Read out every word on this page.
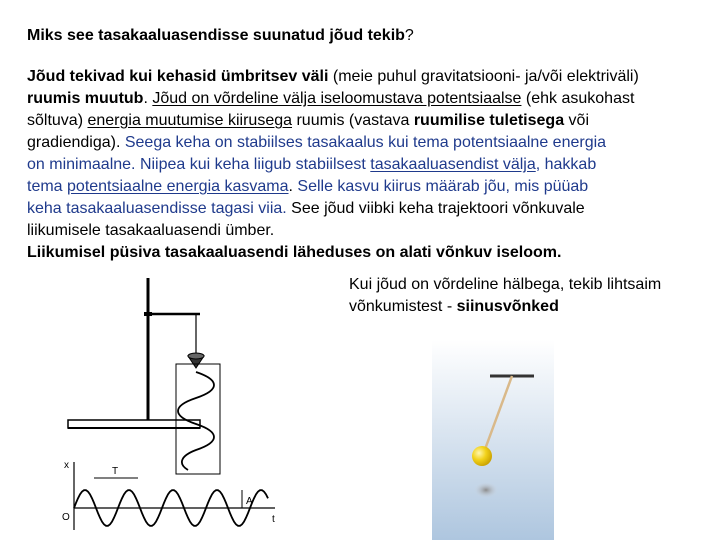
Miks see tasakaaluasendisse suunatud jõud tekib?
Jõud tekivad kui kehasid ümbritsev väli (meie puhul gravitatsiooni- ja/või elektriväli)
ruumis muutub. Jõud on võrdeline välja iseloomustava potentsiaalse (ehk asukohast
sõltuva) energia muutumise kiirusega ruumis (vastava ruumilise tuletisega või
gradiendiga). Seega keha on stabiilses tasakaalus kui tema potentsiaalne energia
on minimaalne. Niipea kui keha liigub stabiilsest tasakaaluasendist välja, hakkab
tema potentsiaalne energia kasvama. Selle kasvu kiirus määrab jõu, mis püüab
keha tasakaaluasendisse tagasi viia. See jõud viibki keha trajektoori võnkuvale
liikumisele tasakaaluasendi ümber.
Liikumisel püsiva tasakaaluasendi läheduses on alati võnkuv iseloom.
Kui jõud on võrdeline hälbega, tekib lihtsaim
võnkumistest - siinusvõnked
x
O	t
T
A
